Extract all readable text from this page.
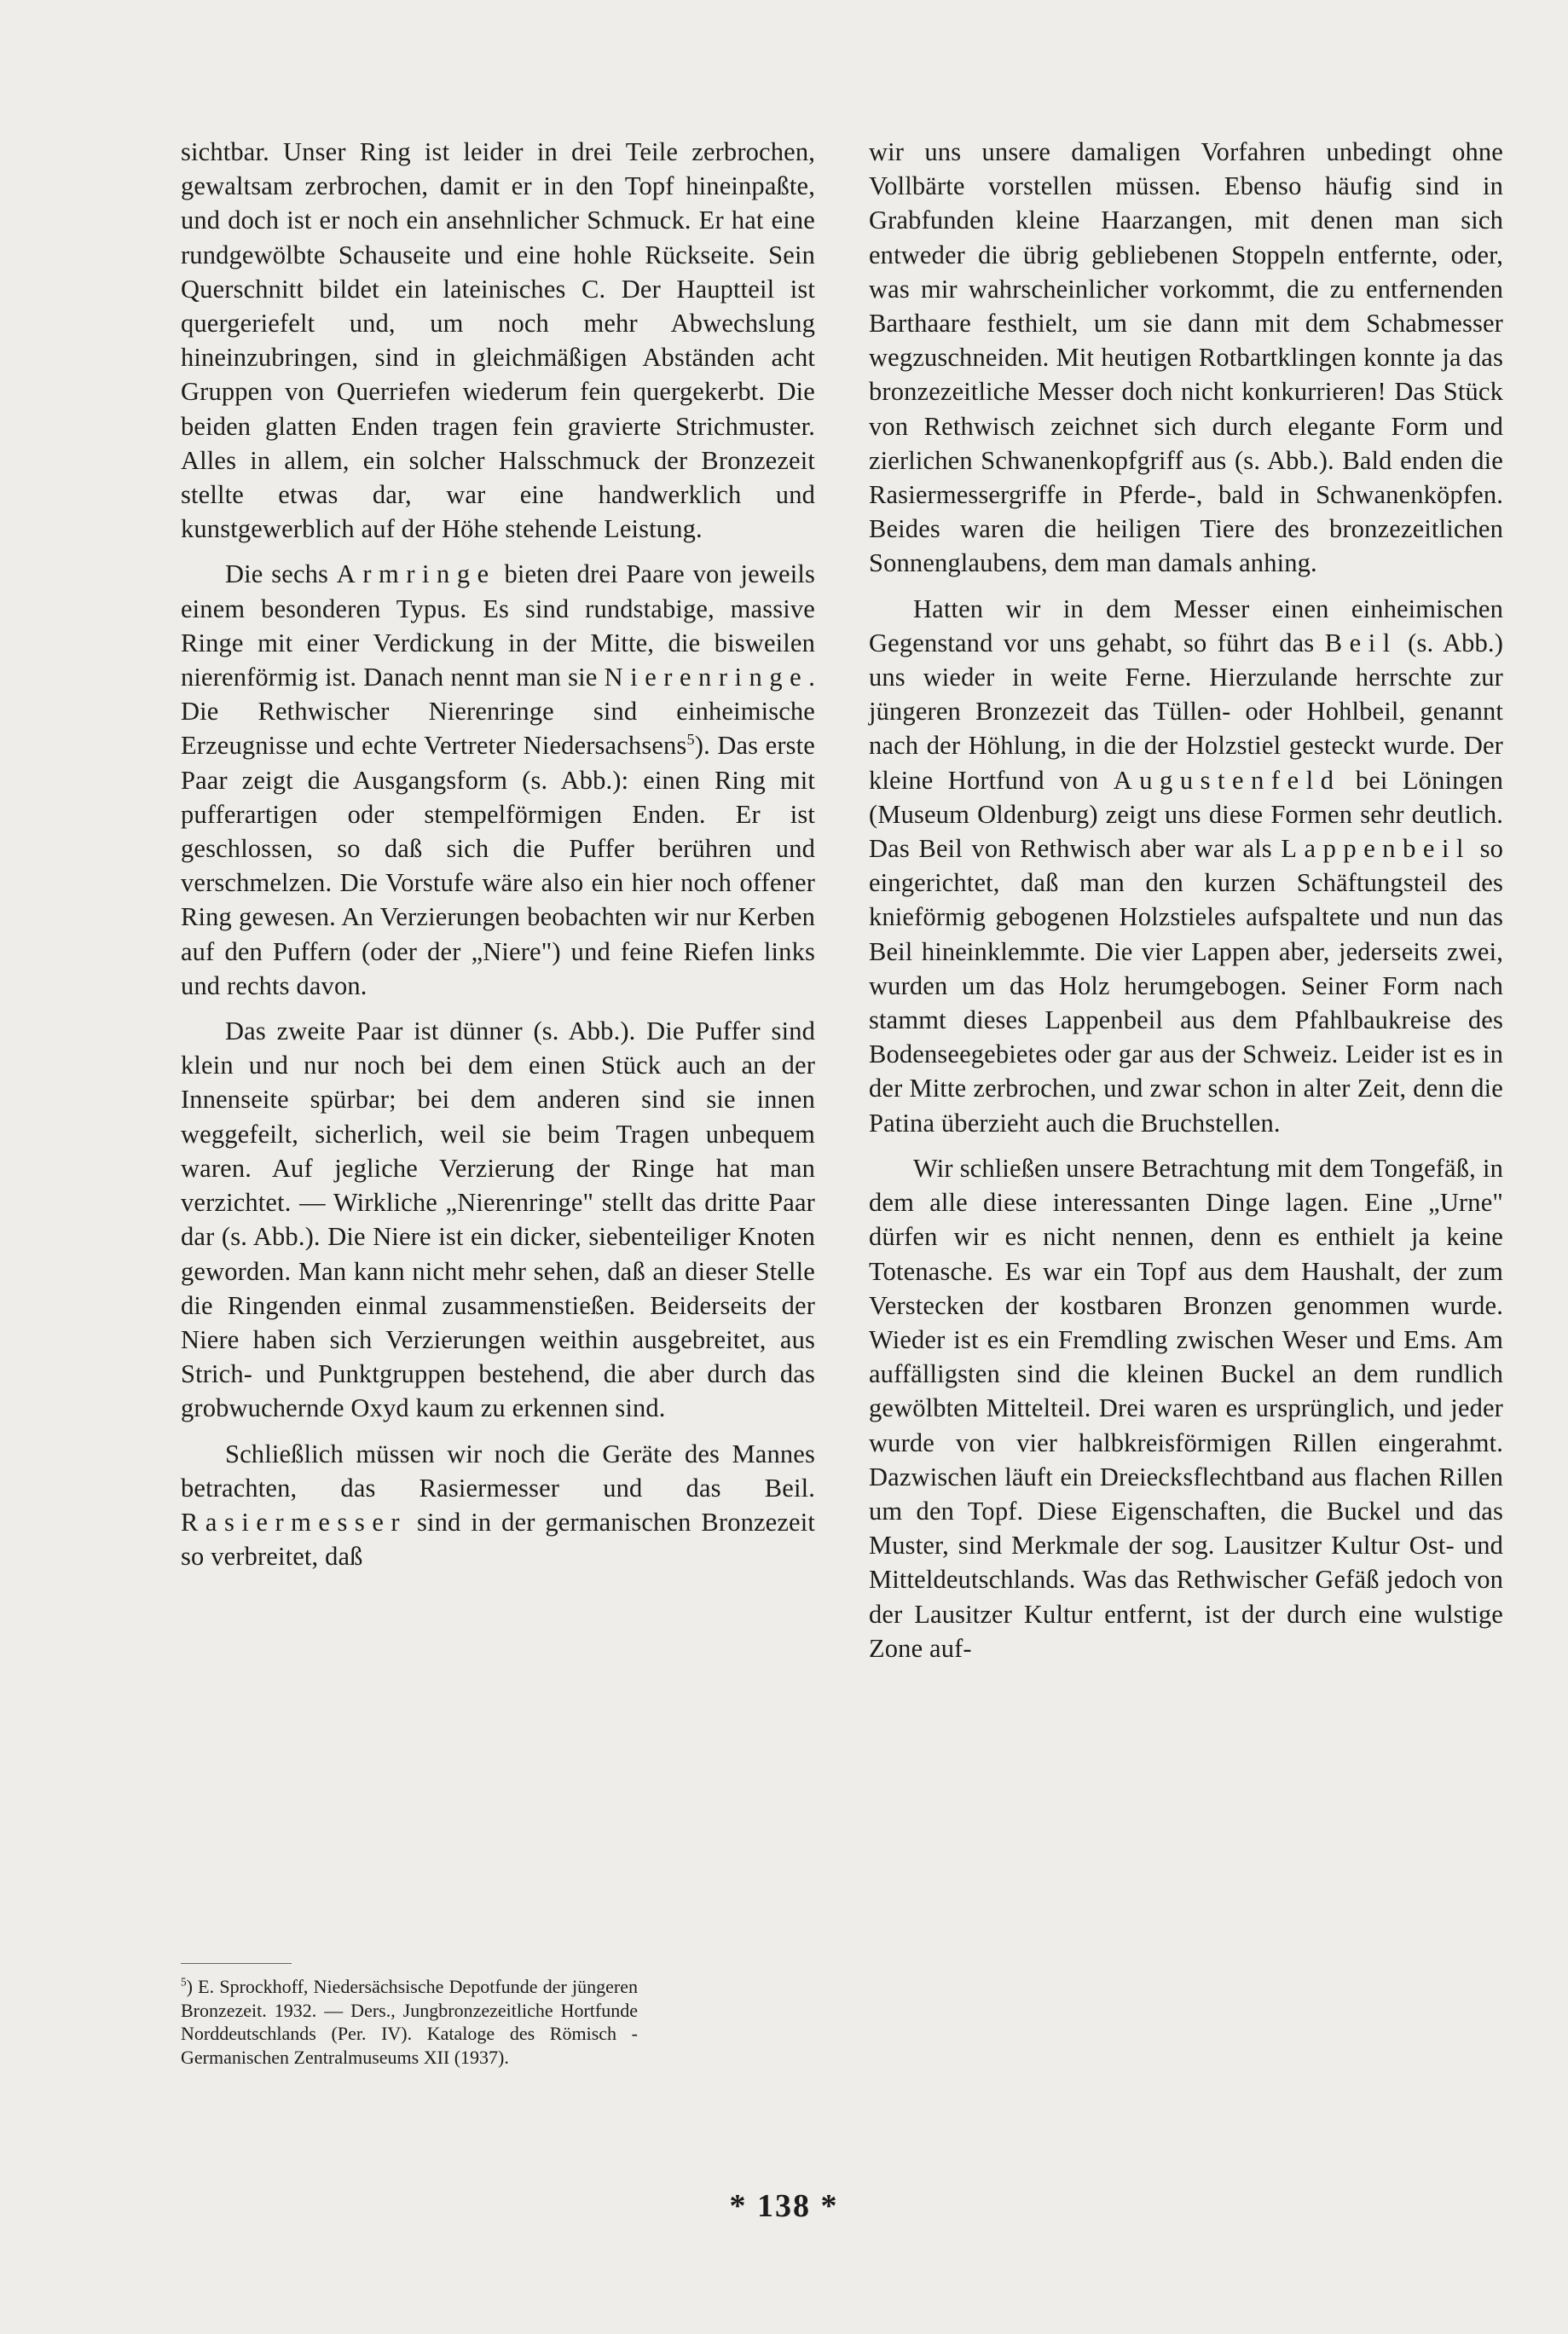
sichtbar. Unser Ring ist leider in drei Teile zerbrochen, gewaltsam zerbrochen, damit er in den Topf hineinpaßte, und doch ist er noch ein ansehnlicher Schmuck. Er hat eine rundgewölbte Schauseite und eine hohle Rückseite. Sein Querschnitt bildet ein lateinisches C. Der Hauptteil ist quergeriefelt und, um noch mehr Abwechslung hineinzubringen, sind in gleichmäßigen Abständen acht Gruppen von Querriefen wiederum fein quergekerbt. Die beiden glatten Enden tragen fein gravierte Strichmuster. Alles in allem, ein solcher Halsschmuck der Bronzezeit stellte etwas dar, war eine handwerklich und kunstgewerblich auf der Höhe stehende Leistung.

Die sechs Armringe bieten drei Paare von jeweils einem besonderen Typus. Es sind rundstabige, massive Ringe mit einer Verdickung in der Mitte, die bisweilen nierenförmig ist. Danach nennt man sie Nierenringe. Die Rethwischer Nierenringe sind einheimische Erzeugnisse und echte Vertreter Niedersachsens$^5$). Das erste Paar zeigt die Ausgangsform (s. Abb.): einen Ring mit pufferartigen oder stempelförmigen Enden. Er ist geschlossen, so daß sich die Puffer berühren und verschmelzen. Die Vorstufe wäre also ein hier noch offener Ring gewesen. An Verzierungen beobachten wir nur Kerben auf den Puffern (oder der „Niere") und feine Riefen links und rechts davon.

Das zweite Paar ist dünner (s. Abb.). Die Puffer sind klein und nur noch bei dem einen Stück auch an der Innenseite spürbar; bei dem anderen sind sie innen weggefeilt, sicherlich, weil sie beim Tragen unbequem waren. Auf jegliche Verzierung der Ringe hat man verzichtet. — Wirkliche „Nierenringe" stellt das dritte Paar dar (s. Abb.). Die Niere ist ein dicker, siebenteiliger Knoten geworden. Man kann nicht mehr sehen, daß an dieser Stelle die Ringenden einmal zusammenstießen. Beiderseits der Niere haben sich Verzierungen weithin ausgebreitet, aus Strich- und Punktgruppen bestehend, die aber durch das grobwuchernde Oxyd kaum zu erkennen sind.

Schließlich müssen wir noch die Geräte des Mannes betrachten, das Rasiermesser und das Beil. Rasiermesser sind in der germanischen Bronzezeit so verbreitet, daß

wir uns unsere damaligen Vorfahren unbedingt ohne Vollbärte vorstellen müssen. Ebenso häufig sind in Grabfunden kleine Haarzangen, mit denen man sich entweder die übrig gebliebenen Stoppeln entfernte, oder, was mir wahrscheinlicher vorkommt, die zu entfernenden Barthaare festhielt, um sie dann mit dem Schabmesser wegzuschneiden. Mit heutigen Rotbartklingen konnte ja das bronzezeitliche Messer doch nicht konkurrieren! Das Stück von Rethwisch zeichnet sich durch elegante Form und zierlichen Schwanenkopfgriff aus (s. Abb.). Bald enden die Rasiermessergriffe in Pferde-, bald in Schwanenköpfen. Beides waren die heiligen Tiere des bronzezeitlichen Sonnenglaubens, dem man damals anhing.

Hatten wir in dem Messer einen einheimischen Gegenstand vor uns gehabt, so führt das Beil (s. Abb.) uns wieder in weite Ferne. Hierzulande herrschte zur jüngeren Bronzezeit das Tüllen- oder Hohlbeil, genannt nach der Höhlung, in die der Holzstiel gesteckt wurde. Der kleine Hortfund von Augustenfeld bei Löningen (Museum Oldenburg) zeigt uns diese Formen sehr deutlich. Das Beil von Rethwisch aber war als Lappenbeil so eingerichtet, daß man den kurzen Schäftungsteil des knieförmig gebogenen Holzstieles aufspaltete und nun das Beil hineinklemmte. Die vier Lappen aber, jederseits zwei, wurden um das Holz herumgebogen. Seiner Form nach stammt dieses Lappenbeil aus dem Pfahlbaukreise des Bodenseegebietes oder gar aus der Schweiz. Leider ist es in der Mitte zerbrochen, und zwar schon in alter Zeit, denn die Patina überzieht auch die Bruchstellen.

Wir schließen unsere Betrachtung mit dem Tongefäß, in dem alle diese interessanten Dinge lagen. Eine „Urne" dürfen wir es nicht nennen, denn es enthielt ja keine Totenasche. Es war ein Topf aus dem Haushalt, der zum Verstecken der kostbaren Bronzen genommen wurde. Wieder ist es ein Fremdling zwischen Weser und Ems. Am auffälligsten sind die kleinen Buckel an dem rundlich gewölbten Mittelteil. Drei waren es ursprünglich, und jeder wurde von vier halbkreisförmigen Rillen eingerahmt. Dazwischen läuft ein Dreiecksflechtband aus flachen Rillen um den Topf. Diese Eigenschaften, die Buckel und das Muster, sind Merkmale der sog. Lausitzer Kultur Ost- und Mitteldeutschlands. Was das Rethwischer Gefäß jedoch von der Lausitzer Kultur entfernt, ist der durch eine wulstige Zone auf-

$^5$) E. Sprockhoff, Niedersächsische Depotfunde der jüngeren Bronzezeit. 1932. — Ders., Jungbronzezeitliche Hortfunde Norddeutschlands (Per. IV). Kataloge des Römisch - Germanischen Zentralmuseums XII (1937).

* 138 *
